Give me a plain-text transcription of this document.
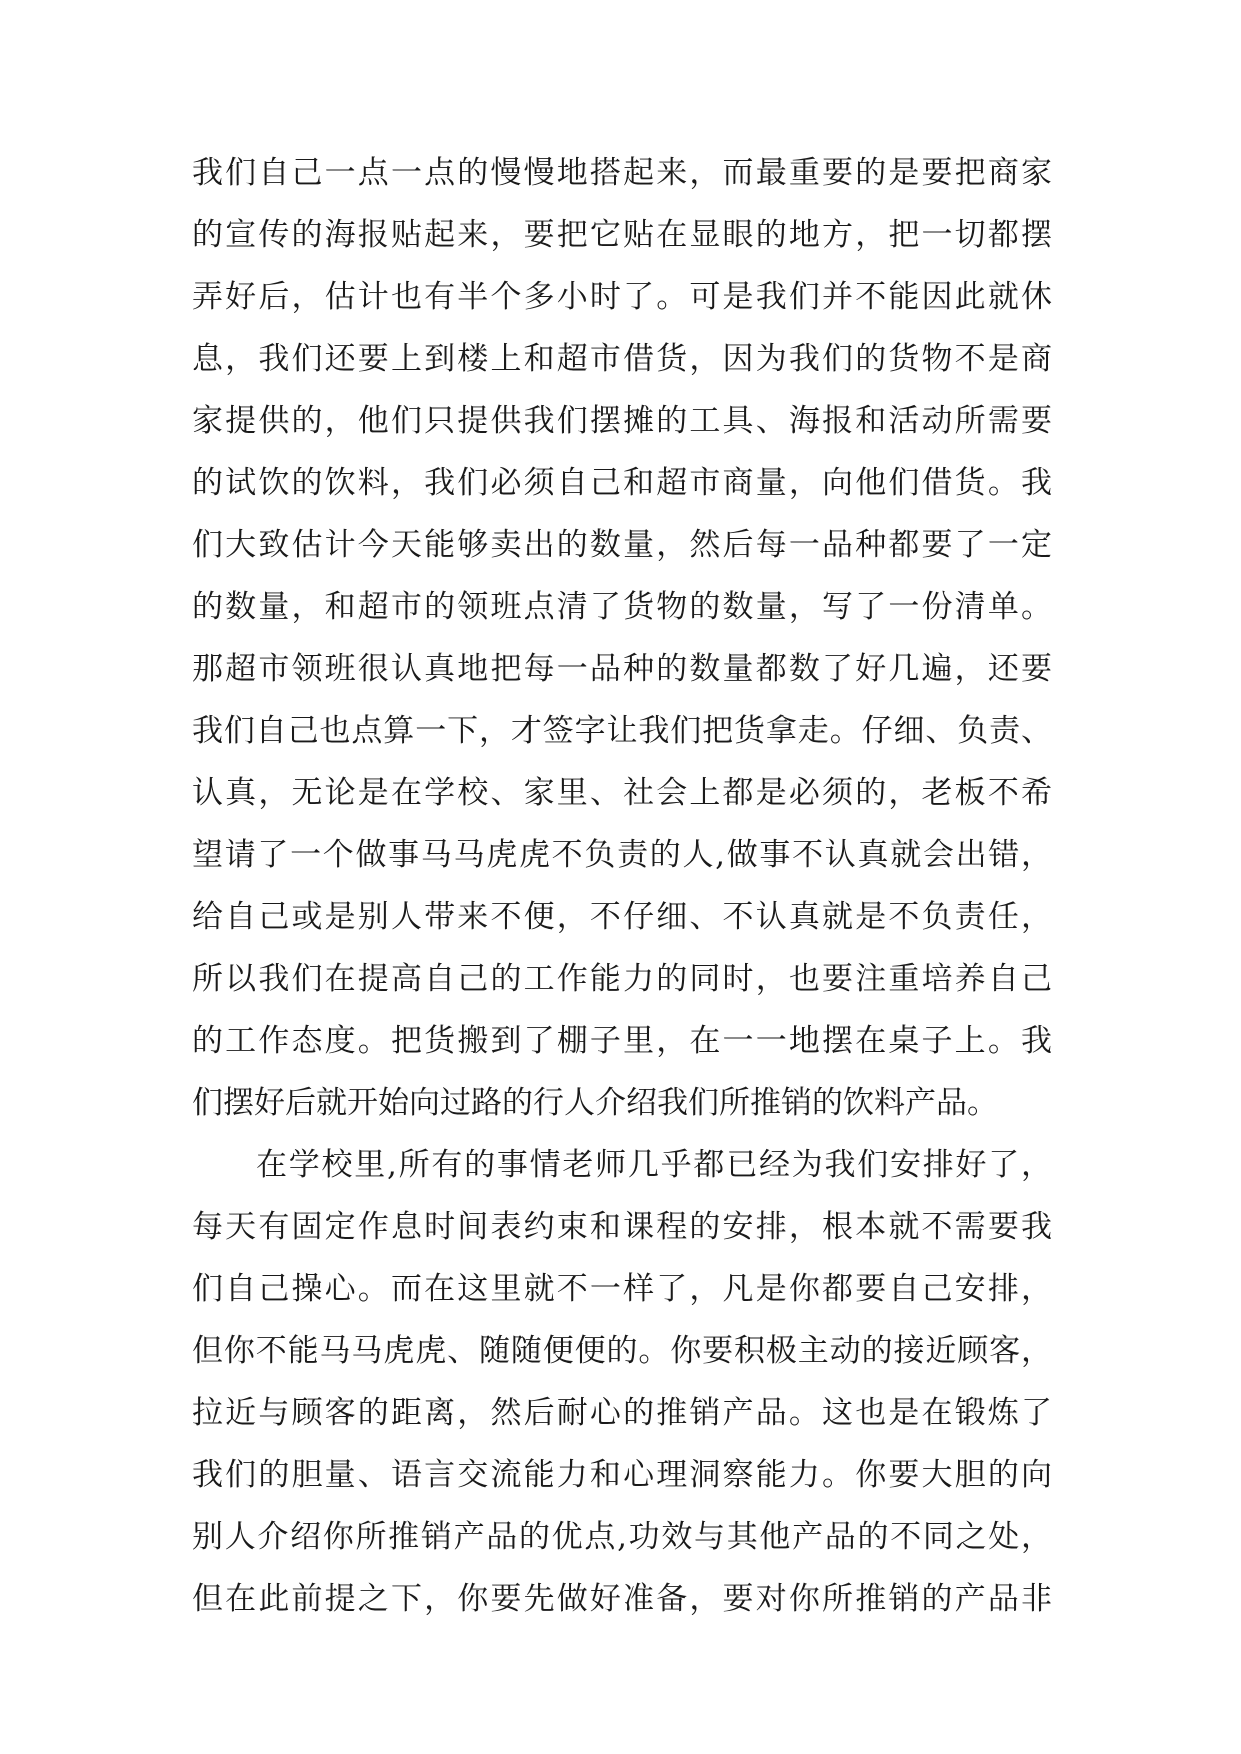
我们自己一点一点的慢慢地搭起来，而最重要的是要把商家
的宣传的海报贴起来，要把它贴在显眼的地方，把一切都摆
弄好后，估计也有半个多小时了。可是我们并不能因此就休
息，我们还要上到楼上和超市借货，因为我们的货物不是商
家提供的，他们只提供我们摆摊的工具、海报和活动所需要
的试饮的饮料，我们必须自己和超市商量，向他们借货。我
们大致估计今天能够卖出的数量，然后每一品种都要了一定
的数量，和超市的领班点清了货物的数量，写了一份清单。
那超市领班很认真地把每一品种的数量都数了好几遍，还要
我们自己也点算一下，才签字让我们把货拿走。仔细、负责、
认真，无论是在学校、家里、社会上都是必须的，老板不希
望请了一个做事马马虎虎不负责的人,做事不认真就会出错，
给自己或是别人带来不便，不仔细、不认真就是不负责任，
所以我们在提高自己的工作能力的同时，也要注重培养自己
的工作态度。把货搬到了棚子里，在一一地摆在桌子上。我
们摆好后就开始向过路的行人介绍我们所推销的饮料产品。
在学校里,所有的事情老师几乎都已经为我们安排好了，
每天有固定作息时间表约束和课程的安排，根本就不需要我
们自己操心。而在这里就不一样了，凡是你都要自己安排，
但你不能马马虎虎、随随便便的。你要积极主动的接近顾客，
拉近与顾客的距离，然后耐心的推销产品。这也是在锻炼了
我们的胆量、语言交流能力和心理洞察能力。你要大胆的向
别人介绍你所推销产品的优点,功效与其他产品的不同之处，
但在此前提之下，你要先做好准备，要对你所推销的产品非
